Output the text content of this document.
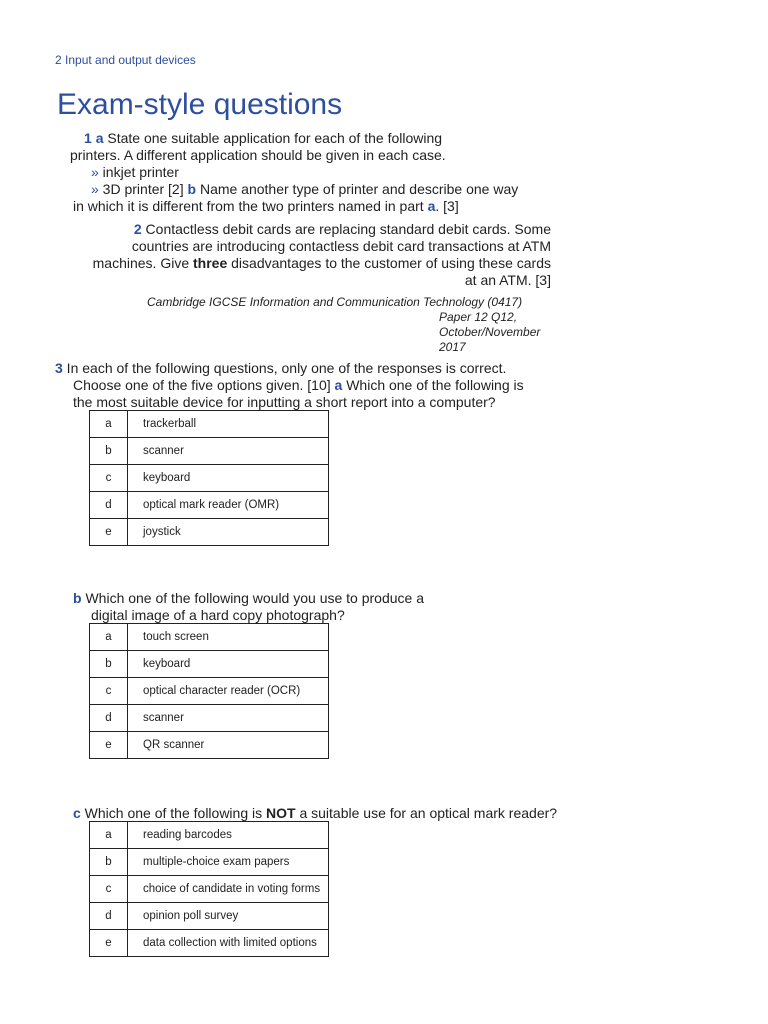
2 Input and output devices
Exam-style questions
1 a State one suitable application for each of the following
printers. A different application should be given in each case.
» inkjet printer
» 3D printer [2] b Name another type of printer and describe one way
in which it is different from the two printers named in part a. [3]
2 Contactless debit cards are replacing standard debit cards. Some
countries are introducing contactless debit card transactions at ATM
machines. Give three disadvantages to the customer of using these cards
at an ATM. [3]
Cambridge IGCSE Information and Communication Technology (0417)
Paper 12 Q12,
October/November
2017
3 In each of the following questions, only one of the responses is correct.
Choose one of the five options given. [10] a Which one of the following is
the most suitable device for inputting a short report into a computer?
a	trackerball
b	scanner
c	keyboard
d	optical mark reader (OMR)
e	joystick
b Which one of the following would you use to produce a
digital image of a hard copy photograph?
a	touch screen
b	keyboard
c	optical character reader (OCR)
d	scanner
e	QR scanner
c Which one of the following is NOT a suitable use for an optical mark reader?
a	reading barcodes
b	multiple-choice exam papers
c	choice of candidate in voting forms
d	opinion poll survey
e	data collection with limited options
